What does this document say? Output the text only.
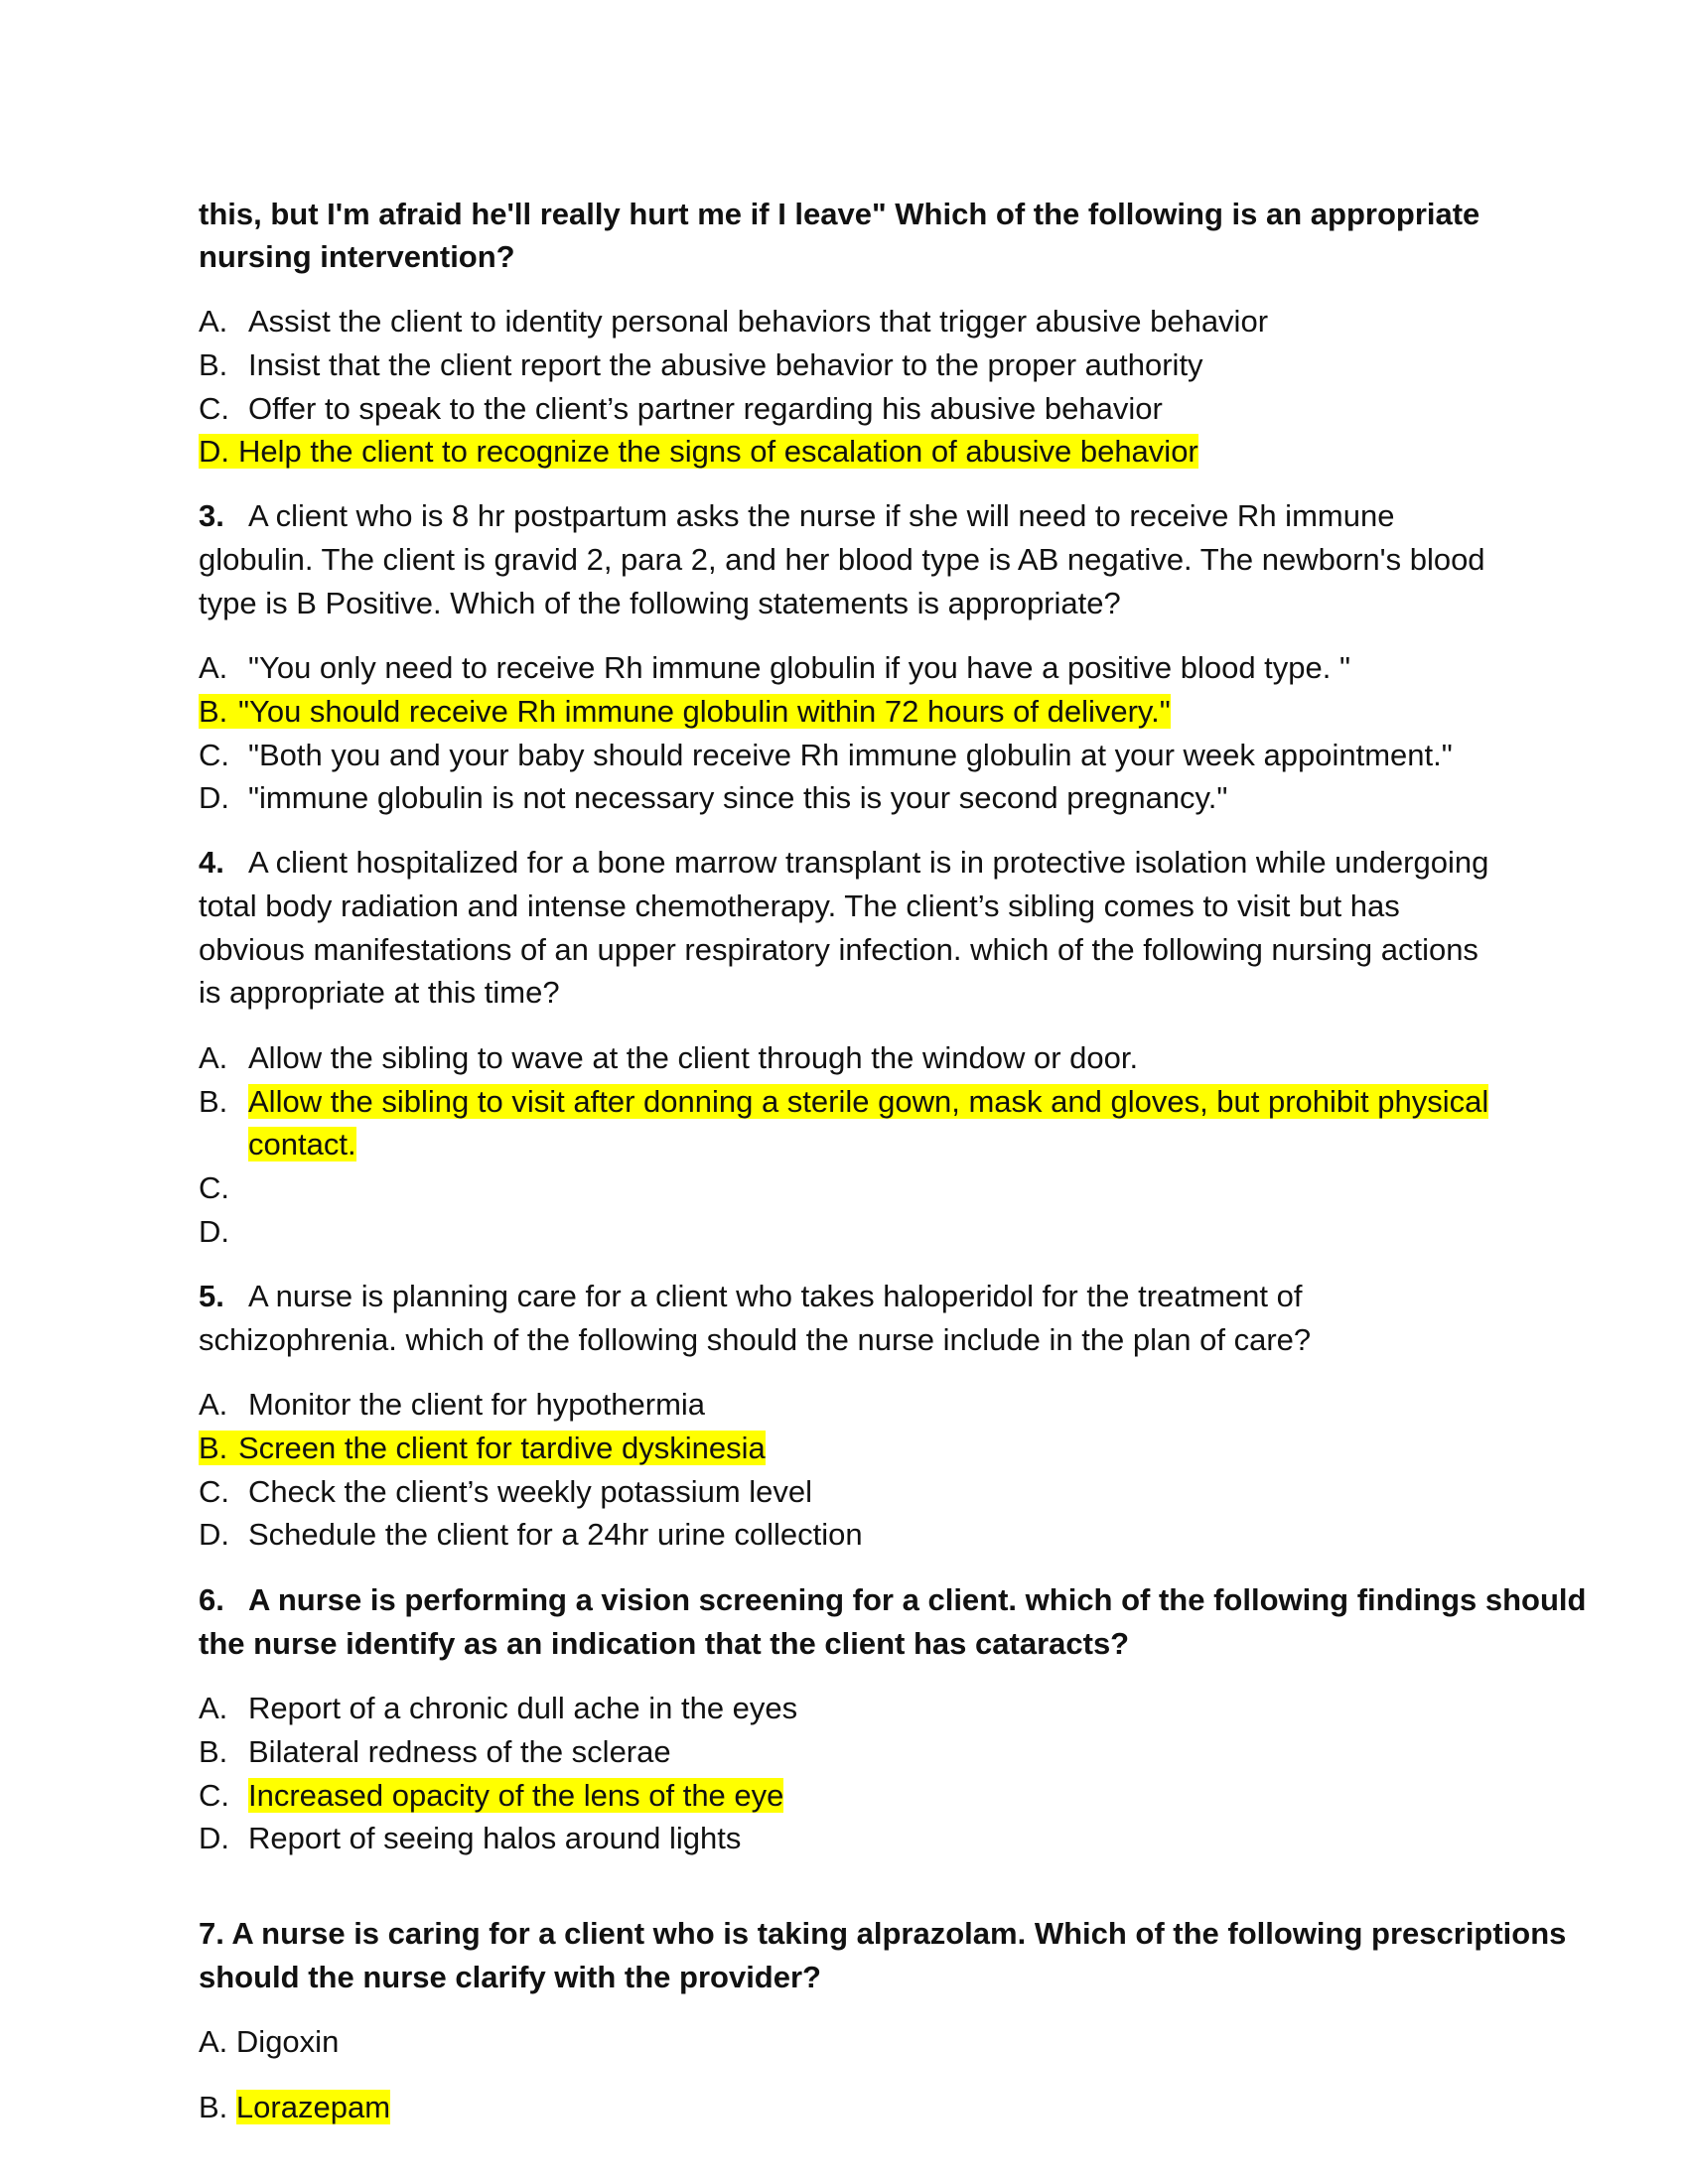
this, but I'm afraid he'll really hurt me if I leave" Which of the following is an appropriate
nursing intervention?
A. Assist the client to identity personal behaviors that trigger abusive behavior
B. Insist that the client report the abusive behavior to the proper authority
C. Offer to speak to the client’s partner regarding his abusive behavior
D. Help the client to recognize the signs of escalation of abusive behavior
3. A client who is 8 hr postpartum asks the nurse if she will need to receive Rh immune
globulin. The client is gravid 2, para 2, and her blood type is AB negative. The newborn's blood
type is B Positive. Which of the following statements is appropriate?
A. "You only need to receive Rh immune globulin if you have a positive blood type. "
B. "You should receive Rh immune globulin within 72 hours of delivery."
C. "Both you and your baby should receive Rh immune globulin at your week appointment."
D. "immune globulin is not necessary since this is your second pregnancy."
4. A client hospitalized for a bone marrow transplant is in protective isolation while undergoing
total body radiation and intense chemotherapy. The client’s sibling comes to visit but has
obvious manifestations of an upper respiratory infection. which of the following nursing actions
is appropriate at this time?
A. Allow the sibling to wave at the client through the window or door.
B. Allow the sibling to visit after donning a sterile gown, mask and gloves, but prohibit physical
contact.
C.
D.
5. A nurse is planning care for a client who takes haloperidol for the treatment of
schizophrenia. which of the following should the nurse include in the plan of care?
A. Monitor the client for hypothermia
B. Screen the client for tardive dyskinesia
C. Check the client’s weekly potassium level
D. Schedule the client for a 24hr urine collection
6. A nurse is performing a vision screening for a client. which of the following findings should
the nurse identify as an indication that the client has cataracts?
A. Report of a chronic dull ache in the eyes
B. Bilateral redness of the sclerae
C. Increased opacity of the lens of the eye
D. Report of seeing halos around lights
7. A nurse is caring for a client who is taking alprazolam. Which of the following prescriptions
should the nurse clarify with the provider?
A. Digoxin
B. Lorazepam
